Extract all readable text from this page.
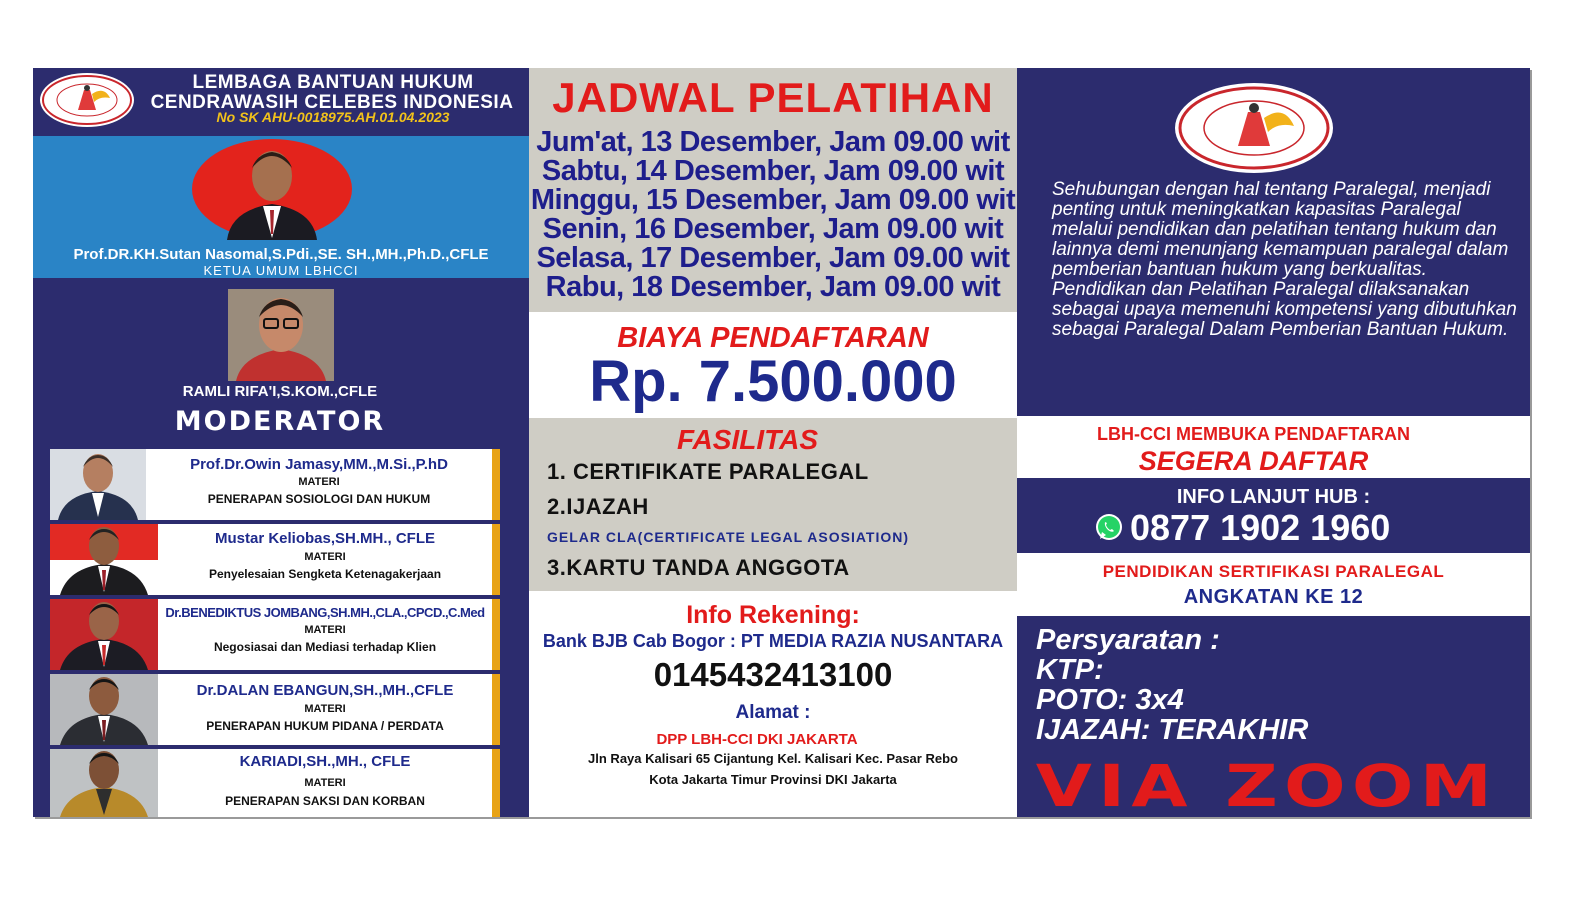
LEMBAGA BANTUAN HUKUM
CENDRAWASIH CELEBES INDONESIA
No SK AHU-0018975.AH.01.04.2023
Prof.DR.KH.Sutan Nasomal,S.Pdi.,SE. SH.,MH.,Ph.D.,CFLE
KETUA UMUM LBHCCI
RAMLI RIFA'I,S.KOM.,CFLE
MODERATOR
Prof.Dr.Owin Jamasy,MM.,M.Si.,P.hD
MATERI
PENERAPAN SOSIOLOGI DAN HUKUM
Mustar Keliobas,SH.MH., CFLE
MATERI
Penyelesaian Sengketa Ketenagakerjaan
Dr.BENEDIKTUS JOMBANG,SH.MH.,CLA.,CPCD.,C.Med
MATERI
Negosiasai dan Mediasi terhadap Klien
Dr.DALAN EBANGUN,SH.,MH.,CFLE
MATERI
PENERAPAN HUKUM PIDANA / PERDATA
KARIADI,SH.,MH., CFLE
MATERI
PENERAPAN SAKSI DAN KORBAN
JADWAL PELATIHAN
Jum'at, 13 Desember, Jam 09.00 wit
Sabtu, 14 Desember, Jam 09.00 wit
Minggu, 15 Desember, Jam 09.00 wit
Senin, 16 Desember, Jam 09.00 wit
Selasa, 17 Desember, Jam 09.00 wit
Rabu, 18 Desember, Jam 09.00 wit
BIAYA PENDAFTARAN
Rp. 7.500.000
FASILITAS
1. CERTIFIKATE PARALEGAL
2.IJAZAH
GELAR CLA(CERTIFICATE LEGAL ASOSIATION)
3.KARTU TANDA ANGGOTA
Info Rekening:
Bank BJB Cab Bogor : PT MEDIA RAZIA NUSANTARA
0145432413100
Alamat :
DPP LBH-CCI DKI JAKARTA
Jln Raya Kalisari 65 Cijantung Kel. Kalisari Kec. Pasar Rebo
Kota Jakarta Timur Provinsi DKI Jakarta
Sehubungan dengan hal tentang Paralegal, menjadi penting untuk meningkatkan kapasitas Paralegal melalui pendidikan dan pelatihan tentang hukum dan lainnya demi menunjang kemampuan paralegal dalam pemberian bantuan hukum yang berkualitas. Pendidikan dan Pelatihan Paralegal dilaksanakan sebagai upaya memenuhi kompetensi yang dibutuhkan sebagai Paralegal Dalam Pemberian Bantuan Hukum.
LBH-CCI MEMBUKA PENDAFTARAN
SEGERA DAFTAR
INFO LANJUT HUB :
0877 1902 1960
PENDIDIKAN SERTIFIKASI PARALEGAL
ANGKATAN KE 12
Persyaratan :
KTP:
POTO: 3x4
IJAZAH: TERAKHIR
VIA ZOOM
